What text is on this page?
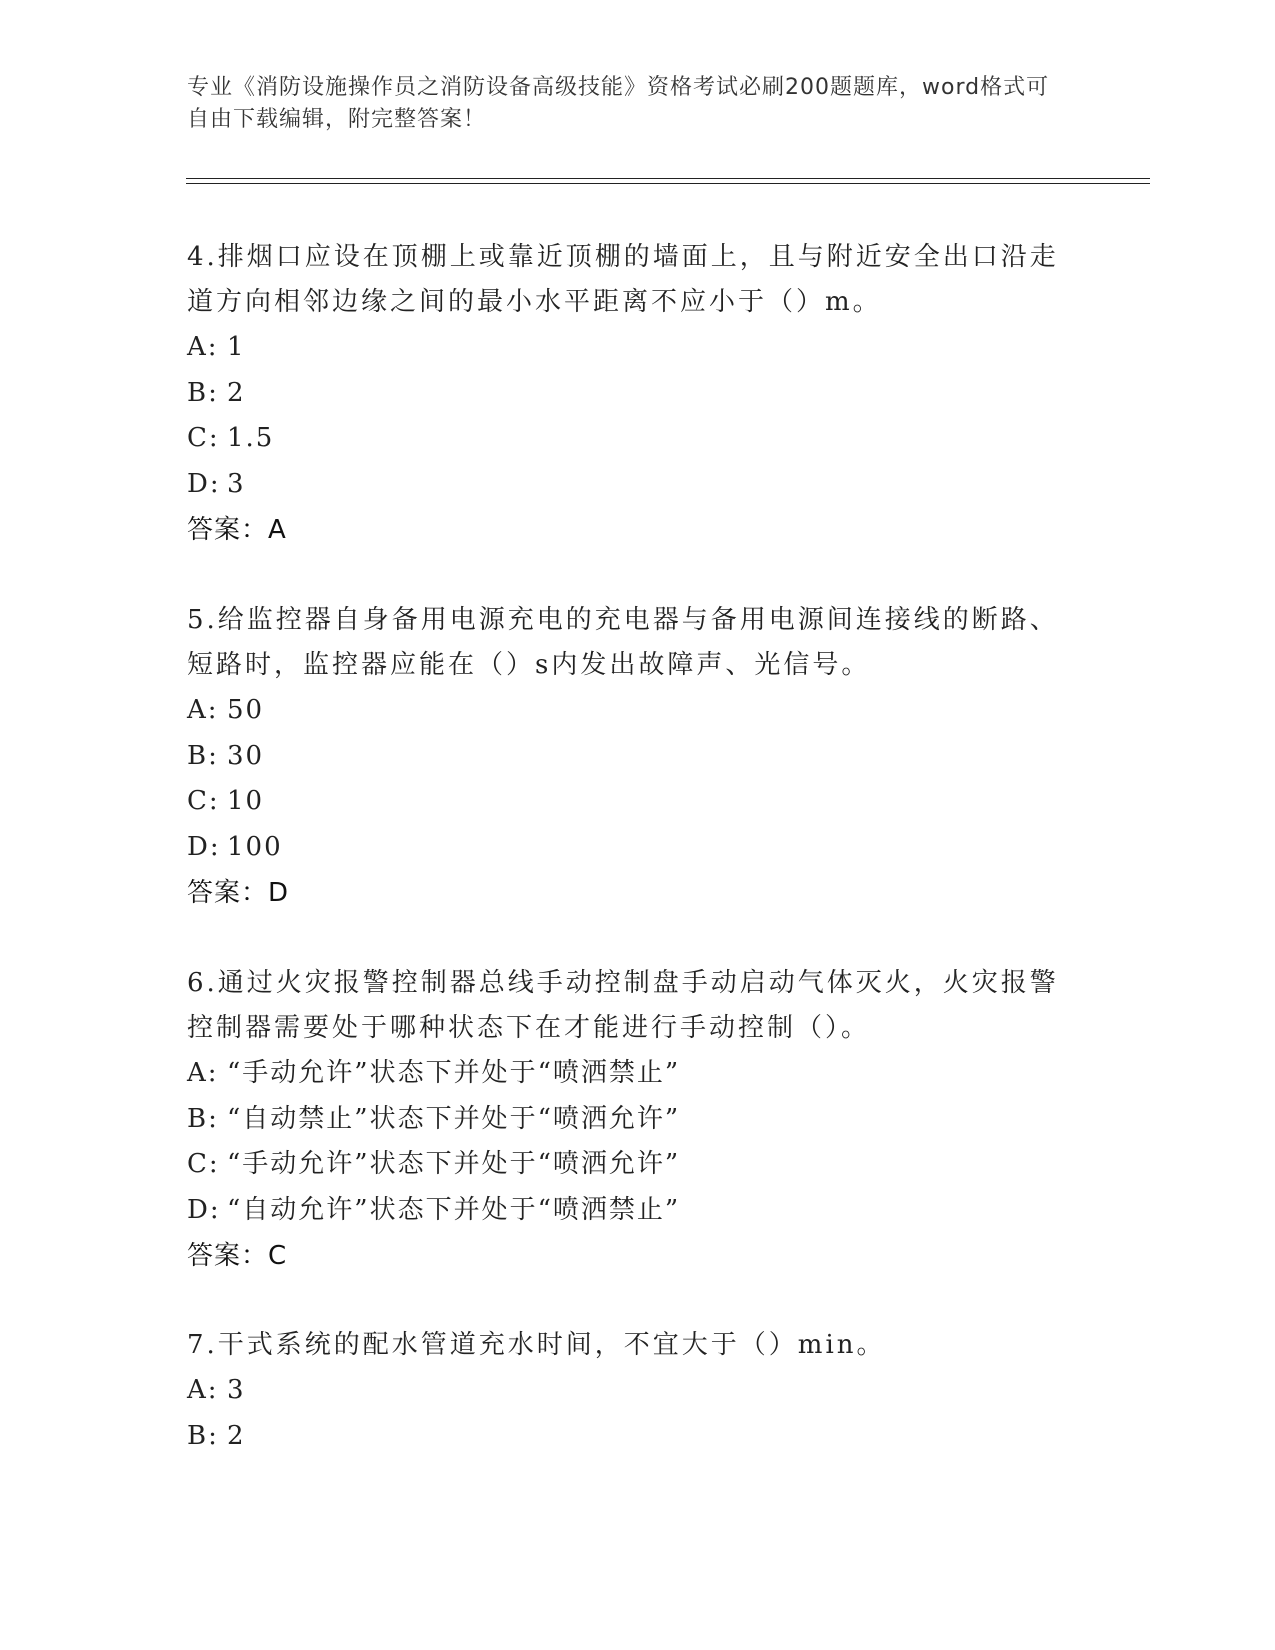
专业《消防设施操作员之消防设备高级技能》资格考试必刷200题题库，word格式可自由下载编辑，附完整答案！

4.排烟口应设在顶棚上或靠近顶棚的墙面上，且与附近安全出口沿走道方向相邻边缘之间的最小水平距离不应小于（）m。

A: 1
B: 2
C: 1.5
D: 3
答案：A

5.给监控器自身备用电源充电的充电器与备用电源间连接线的断路、短路时，监控器应能在（）s内发出故障声、光信号。

A: 50
B: 30
C: 10
D: 100
答案：D

6.通过火灾报警控制器总线手动控制盘手动启动气体灭火，火灾报警控制器需要处于哪种状态下在才能进行手动控制（）。

A: “手动允许”状态下并处于“喷洒禁止”
B: “自动禁止”状态下并处于“喷洒允许”
C: “手动允许”状态下并处于“喷洒允许”
D: “自动允许”状态下并处于“喷洒禁止”
答案：C

7.干式系统的配水管道充水时间，不宜大于（）min。

A: 3
B: 2
